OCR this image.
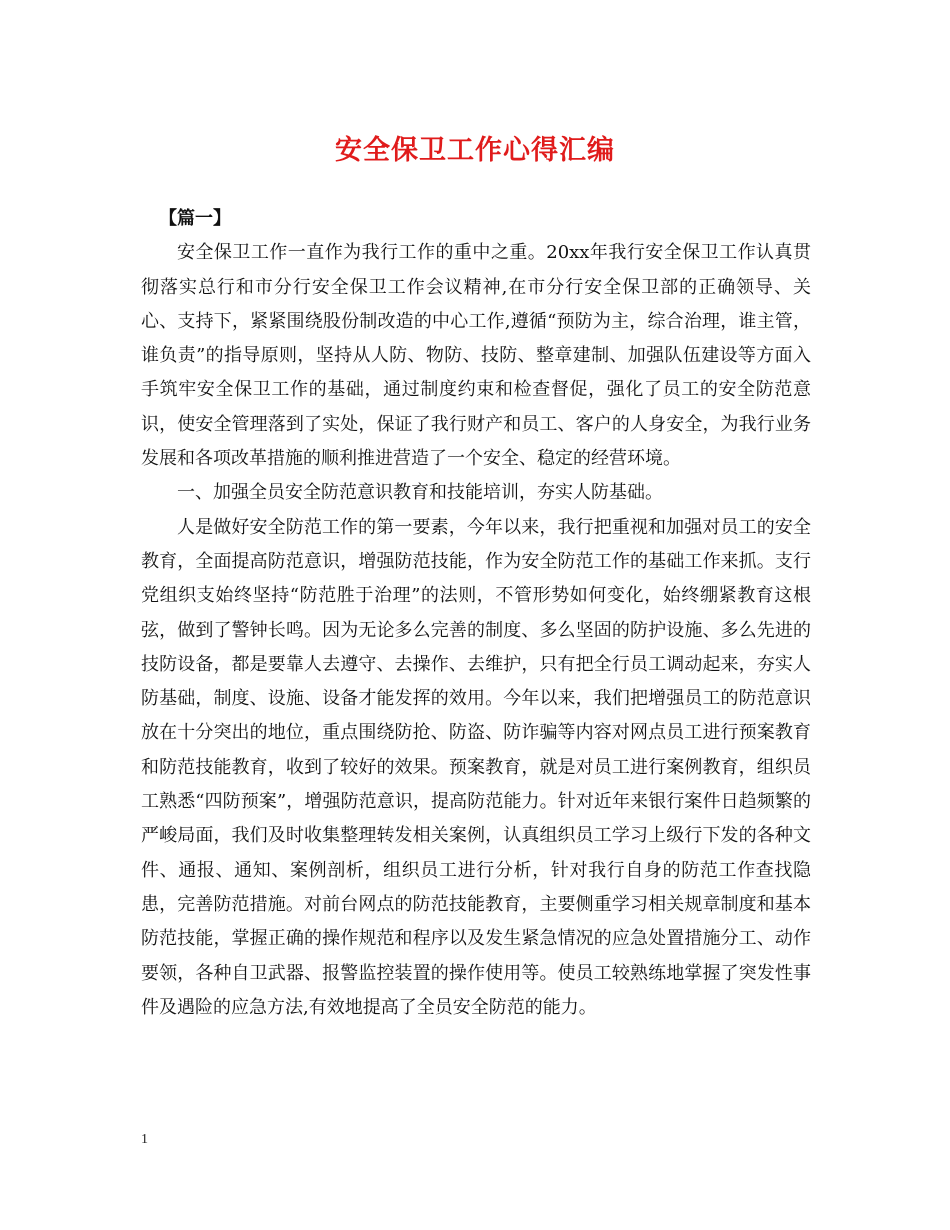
安全保卫工作心得汇编

【篇一】

安全保卫工作一直作为我行工作的重中之重。20xx年我行安全保卫工作认真贯彻落实总行和市分行安全保卫工作会议精神,在市分行安全保卫部的正确领导、关心、支持下，紧紧围绕股份制改造的中心工作,遵循“预防为主，综合治理，谁主管，谁负责”的指导原则，坚持从人防、物防、技防、整章建制、加强队伍建设等方面入手筑牢安全保卫工作的基础，通过制度约束和检查督促，强化了员工的安全防范意识，使安全管理落到了实处，保证了我行财产和员工、客户的人身安全，为我行业务发展和各项改革措施的顺利推进营造了一个安全、稳定的经营环境。

一、加强全员安全防范意识教育和技能培训，夯实人防基础。

人是做好安全防范工作的第一要素，今年以来，我行把重视和加强对员工的安全教育，全面提高防范意识，增强防范技能，作为安全防范工作的基础工作来抓。支行党组织支始终坚持“防范胜于治理”的法则，不管形势如何变化，始终绷紧教育这根弦，做到了警钟长鸣。因为无论多么完善的制度、多么坚固的防护设施、多么先进的技防设备，都是要靠人去遵守、去操作、去维护，只有把全行员工调动起来，夯实人防基础，制度、设施、设备才能发挥的效用。今年以来，我们把增强员工的防范意识放在十分突出的地位，重点围绕防抢、防盗、防诈骗等内容对网点员工进行预案教育和防范技能教育，收到了较好的效果。预案教育，就是对员工进行案例教育，组织员工熟悉“四防预案”，增强防范意识，提高防范能力。针对近年来银行案件日趋频繁的严峻局面，我们及时收集整理转发相关案例，认真组织员工学习上级行下发的各种文件、通报、通知、案例剖析，组织员工进行分析，针对我行自身的防范工作查找隐患，完善防范措施。对前台网点的防范技能教育，主要侧重学习相关规章制度和基本防范技能，掌握正确的操作规范和程序以及发生紧急情况的应急处置措施分工、动作要领，各种自卫武器、报警监控装置的操作使用等。使员工较熟练地掌握了突发性事件及遇险的应急方法,有效地提高了全员安全防范的能力。

1
